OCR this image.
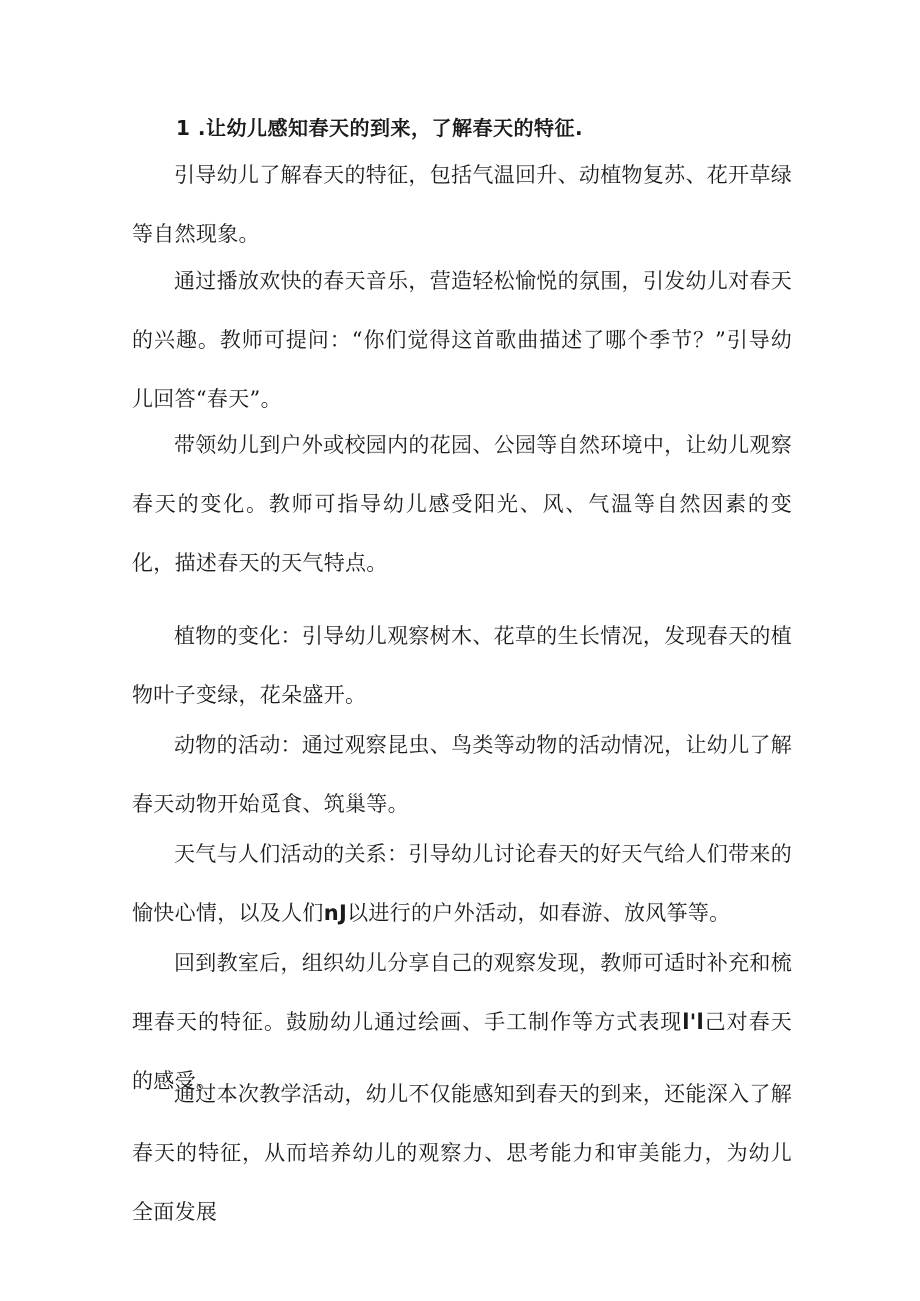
1 .让幼儿感知春天的到来，了解春天的特征.

引导幼儿了解春天的特征，包括气温回升、动植物复苏、花开草绿等自然现象。

通过播放欢快的春天音乐，营造轻松愉悦的氛围，引发幼儿对春天的兴趣。教师可提问：“你们觉得这首歌曲描述了哪个季节？”引导幼儿回答“春天”。

带领幼儿到户外或校园内的花园、公园等自然环境中，让幼儿观察春天的变化。教师可指导幼儿感受阳光、风、气温等自然因素的变化，描述春天的天气特点。

植物的变化：引导幼儿观察树木、花草的生长情况，发现春天的植物叶子变绿，花朵盛开。

动物的活动：通过观察昆虫、鸟类等动物的活动情况，让幼儿了解春天动物开始觅食、筑巢等。

天气与人们活动的关系：引导幼儿讨论春天的好天气给人们带来的愉快心情，以及人们nJ以进行的户外活动，如春游、放风筝等。

回到教室后，组织幼儿分享自己的观察发现，教师可适时补充和梳理春天的特征。鼓励幼儿通过绘画、手工制作等方式表现l'l己对春天的感受。

通过本次教学活动，幼儿不仅能感知到春天的到来，还能深入了解春天的特征，从而培养幼儿的观察力、思考能力和审美能力，为幼儿全面发展
